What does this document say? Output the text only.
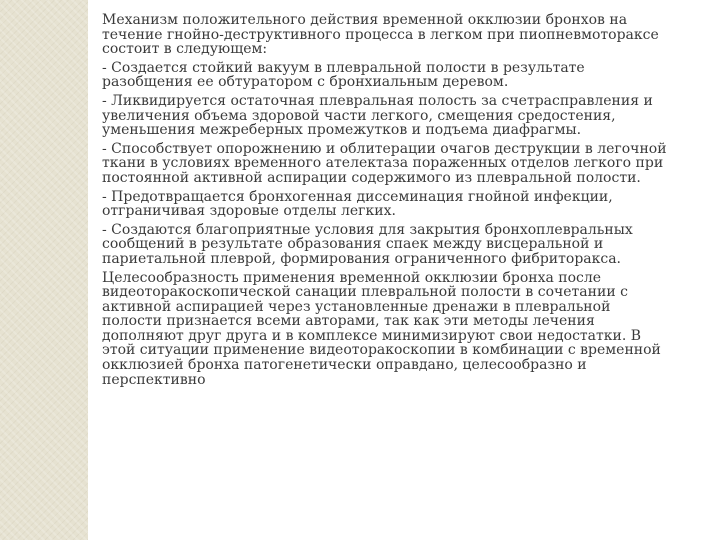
Механизм положительного действия временной окклюзии бронхов на течение гнойно-деструктивного процесса в легком при пиопневмотораксе состоит в следующем:

- Создается стойкий вакуум в плевральной полости в результате разобщения ее обтуратором с бронхиальным деревом.

- Ликвидируется остаточная плевральная полость за счетрасправления и увеличения объема здоровой части легкого, смещения средостения, уменьшения межреберных промежутков и подъема диафрагмы.

- Способствует опорожнению и облитерации очагов деструкции в легочной ткани в условиях временного ателектаза пораженных отделов легкого при постоянной активной аспирации содержимого из плевральной полости.

- Предотвращается бронхогенная диссеминация гнойной инфекции, отграничивая здоровые отделы легких.

- Создаются благоприятные условия для закрытия бронхоплевральных сообщений в результате образования спаек между висцеральной и париетальной плеврой, формирования ограниченного фибриторакса.

Целесообразность применения временной окклюзии бронха после видеоторакоскопической санации плевральной полости в сочетании с активной аспирацией через установленные дренажи в плевральной полости признается всеми авторами, так как эти методы лечения дополняют друг друга и в комплексе минимизируют свои недостатки. В этой ситуации применение видеоторакоскопии в комбинации с временной окклюзией бронха патогенетически оправдано, целесообразно и перспективно
